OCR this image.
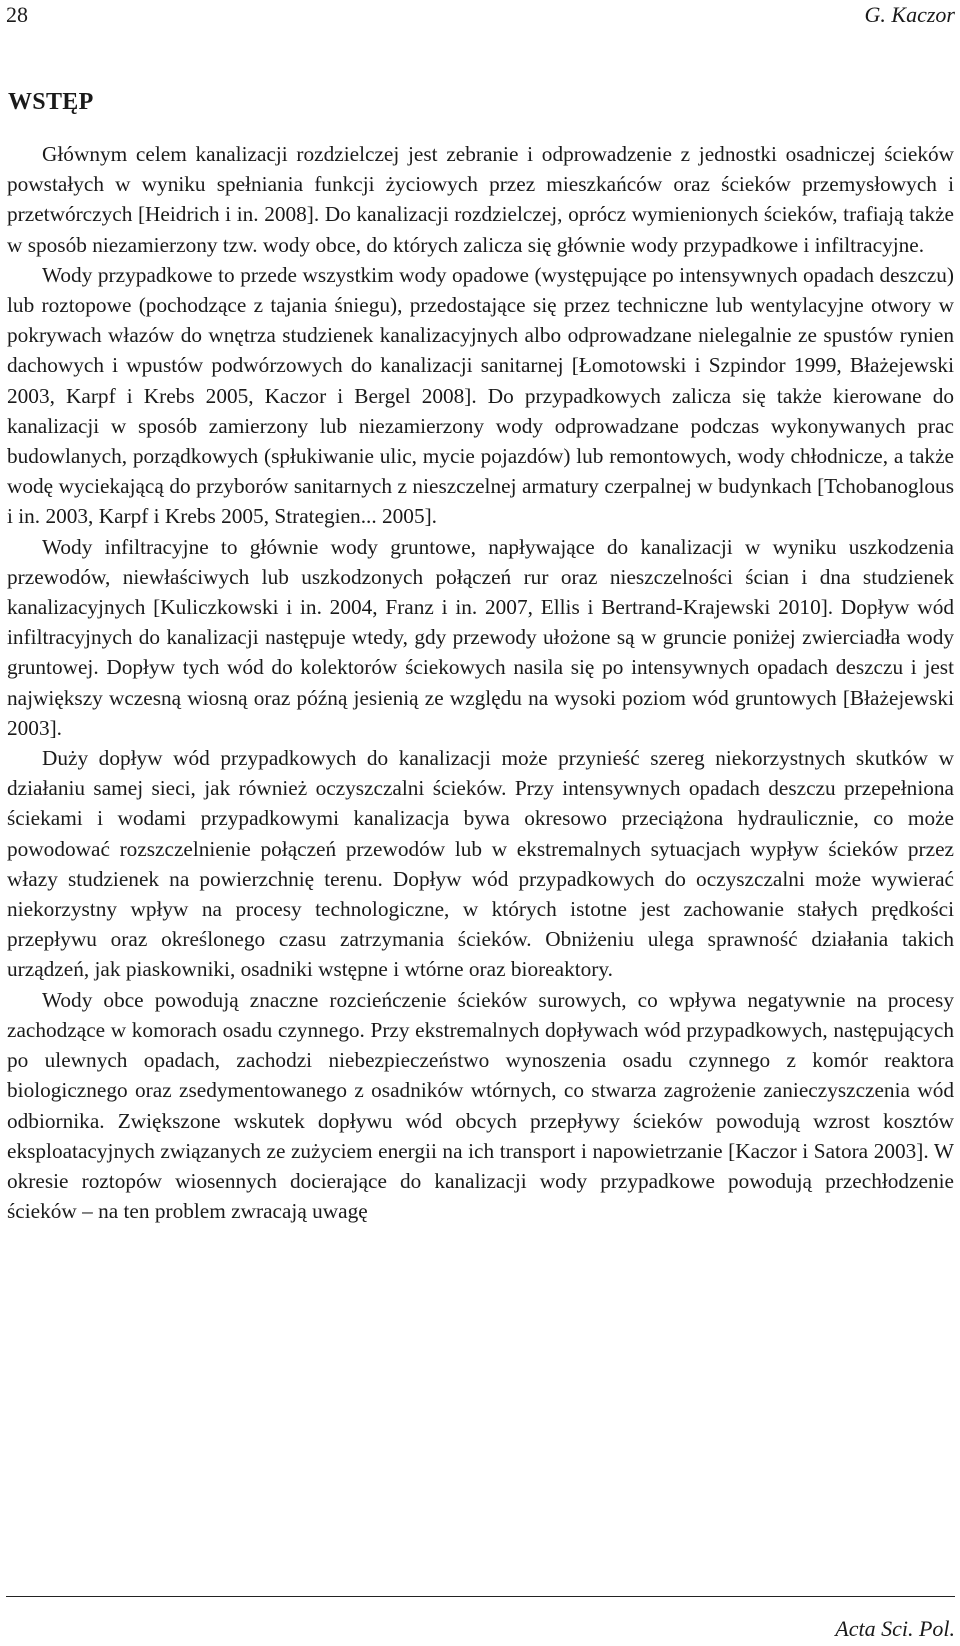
28	G. Kaczor
WSTĘP

Głównym celem kanalizacji rozdzielczej jest zebranie i odprowadzenie z jednostki osadniczej ścieków powstałych w wyniku spełniania funkcji życiowych przez mieszkańców oraz ścieków przemysłowych i przetwórczych [Heidrich i in. 2008]. Do kanalizacji rozdzielczej, oprócz wymienionych ścieków, trafiają także w sposób niezamierzony tzw. wody obce, do których zalicza się głównie wody przypadkowe i infiltracyjne.

Wody przypadkowe to przede wszystkim wody opadowe (występujące po intensywnych opadach deszczu) lub roztopowe (pochodzące z tajania śniegu), przedostające się przez techniczne lub wentylacyjne otwory w pokrywach włazów do wnętrza studzienek kanalizacyjnych albo odprowadzane nielegalnie ze spustów rynien dachowych i wpustów podwórzowych do kanalizacji sanitarnej [Łomotowski i Szpindor 1999, Błażejewski 2003, Karpf i Krebs 2005, Kaczor i Bergel 2008]. Do przypadkowych zalicza się także kierowane do kanalizacji w sposób zamierzony lub niezamierzony wody odprowadzane podczas wykonywanych prac budowlanych, porządkowych (spłukiwanie ulic, mycie pojazdów) lub remontowych, wody chłodnicze, a także wodę wyciekającą do przyborów sanitarnych z nieszczelnej armatury czerpalnej w budynkach [Tchobanoglous i in. 2003, Karpf i Krebs 2005, Strategien... 2005].

Wody infiltracyjne to głównie wody gruntowe, napływające do kanalizacji w wyniku uszkodzenia przewodów, niewłaściwych lub uszkodzonych połączeń rur oraz nieszczelności ścian i dna studzienek kanalizacyjnych [Kuliczkowski i in. 2004, Franz i in. 2007, Ellis i Bertrand-Krajewski 2010]. Dopływ wód infiltracyjnych do kanalizacji następuje wtedy, gdy przewody ułożone są w gruncie poniżej zwierciadła wody gruntowej. Dopływ tych wód do kolektorów ściekowych nasila się po intensywnych opadach deszczu i jest największy wczesną wiosną oraz późną jesienią ze względu na wysoki poziom wód gruntowych [Błażejewski 2003].

Duży dopływ wód przypadkowych do kanalizacji może przynieść szereg niekorzystnych skutków w działaniu samej sieci, jak również oczyszczalni ścieków. Przy intensywnych opadach deszczu przepełniona ściekami i wodami przypadkowymi kanalizacja bywa okresowo przeciążona hydraulicznie, co może powodować rozszczelnienie połączeń przewodów lub w ekstremalnych sytuacjach wypływ ścieków przez włazy studzienek na powierzchnię terenu. Dopływ wód przypadkowych do oczyszczalni może wywierać niekorzystny wpływ na procesy technologiczne, w których istotne jest zachowanie stałych prędkości przepływu oraz określonego czasu zatrzymania ścieków. Obniżeniu ulega sprawność działania takich urządzeń, jak piaskowniki, osadniki wstępne i wtórne oraz bioreaktory.

Wody obce powodują znaczne rozcieńczenie ścieków surowych, co wpływa negatywnie na procesy zachodzące w komorach osadu czynnego. Przy ekstremalnych dopływach wód przypadkowych, następujących po ulewnych opadach, zachodzi niebezpieczeństwo wynoszenia osadu czynnego z komór reaktora biologicznego oraz zsedymentowanego z osadników wtórnych, co stwarza zagrożenie zanieczyszczenia wód odbiornika. Zwiększone wskutek dopływu wód obcych przepływy ścieków powodują wzrost kosztów eksploatacyjnych związanych ze zużyciem energii na ich transport i napowietrzanie [Kaczor i Satora 2003]. W okresie roztopów wiosennych docierające do kanalizacji wody przypadkowe powodują przechłodzenie ścieków – na ten problem zwracają uwagę

Acta Sci. Pol.
